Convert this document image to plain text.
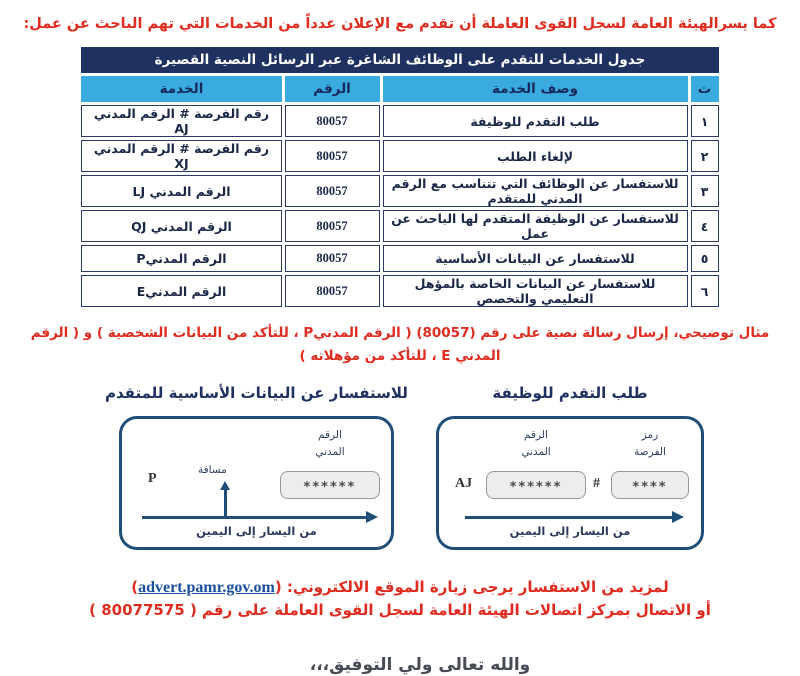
كما يسرالهيئة العامة لسجل القوى العاملة أن تقدم مع الإعلان عدداً من الخدمات التي تهم الباحث عن عمل:

جدول الخدمات للتقدم على الوظائف الشاغرة عبر الرسائل النصية القصيرة			
ت	وصف الخدمة	الرقم	الخدمة
١	طلب التقدم للوظيفة	80057	رقم الفرصة # الرقم المدني AJ
٢	لإلغاء الطلب	80057	رقم الفرصة # الرقم المدني XJ
٣	للاستفسار عن الوظائف التي تتناسب مع الرقم المدني للمتقدم	80057	الرقم المدني LJ
٤	للاستفسار عن الوظيفة المتقدم لها الباحث عن عمل	80057	الرقم المدني QJ
٥	للاستفسار عن البيانات الأساسية	80057	الرقم المدنيP
٦	للاستفسار عن البيانات الخاصة بالمؤهل التعليمي والتخصص	80057	الرقم المدنيE

مثال توضيحي، إرسال رسالة نصية على رقم (80057) ( الرقم المدنيP ، للتأكد من البيانات الشخصية ) و ( الرقم المدني E ، للتأكد من مؤهلاته )

طلب التقدم للوظيفة
AJ
الرقم
المدني
****** #
رمز
الفرصة
****
من اليسار إلى اليمين
للاستفسار عن البيانات الأساسية للمتقدم
P
مسافة
الرقم
المدني
******
من اليسار إلى اليمين

لمزيد من الاستفسار يرجى زيارة الموقع الالكتروني: (advert.pamr.gov.om)

أو الاتصال بمركز اتصالات الهيئة العامة لسجل القوى العاملة على رقم ( 80077575 )

والله تعالى ولي التوفيق،،،
